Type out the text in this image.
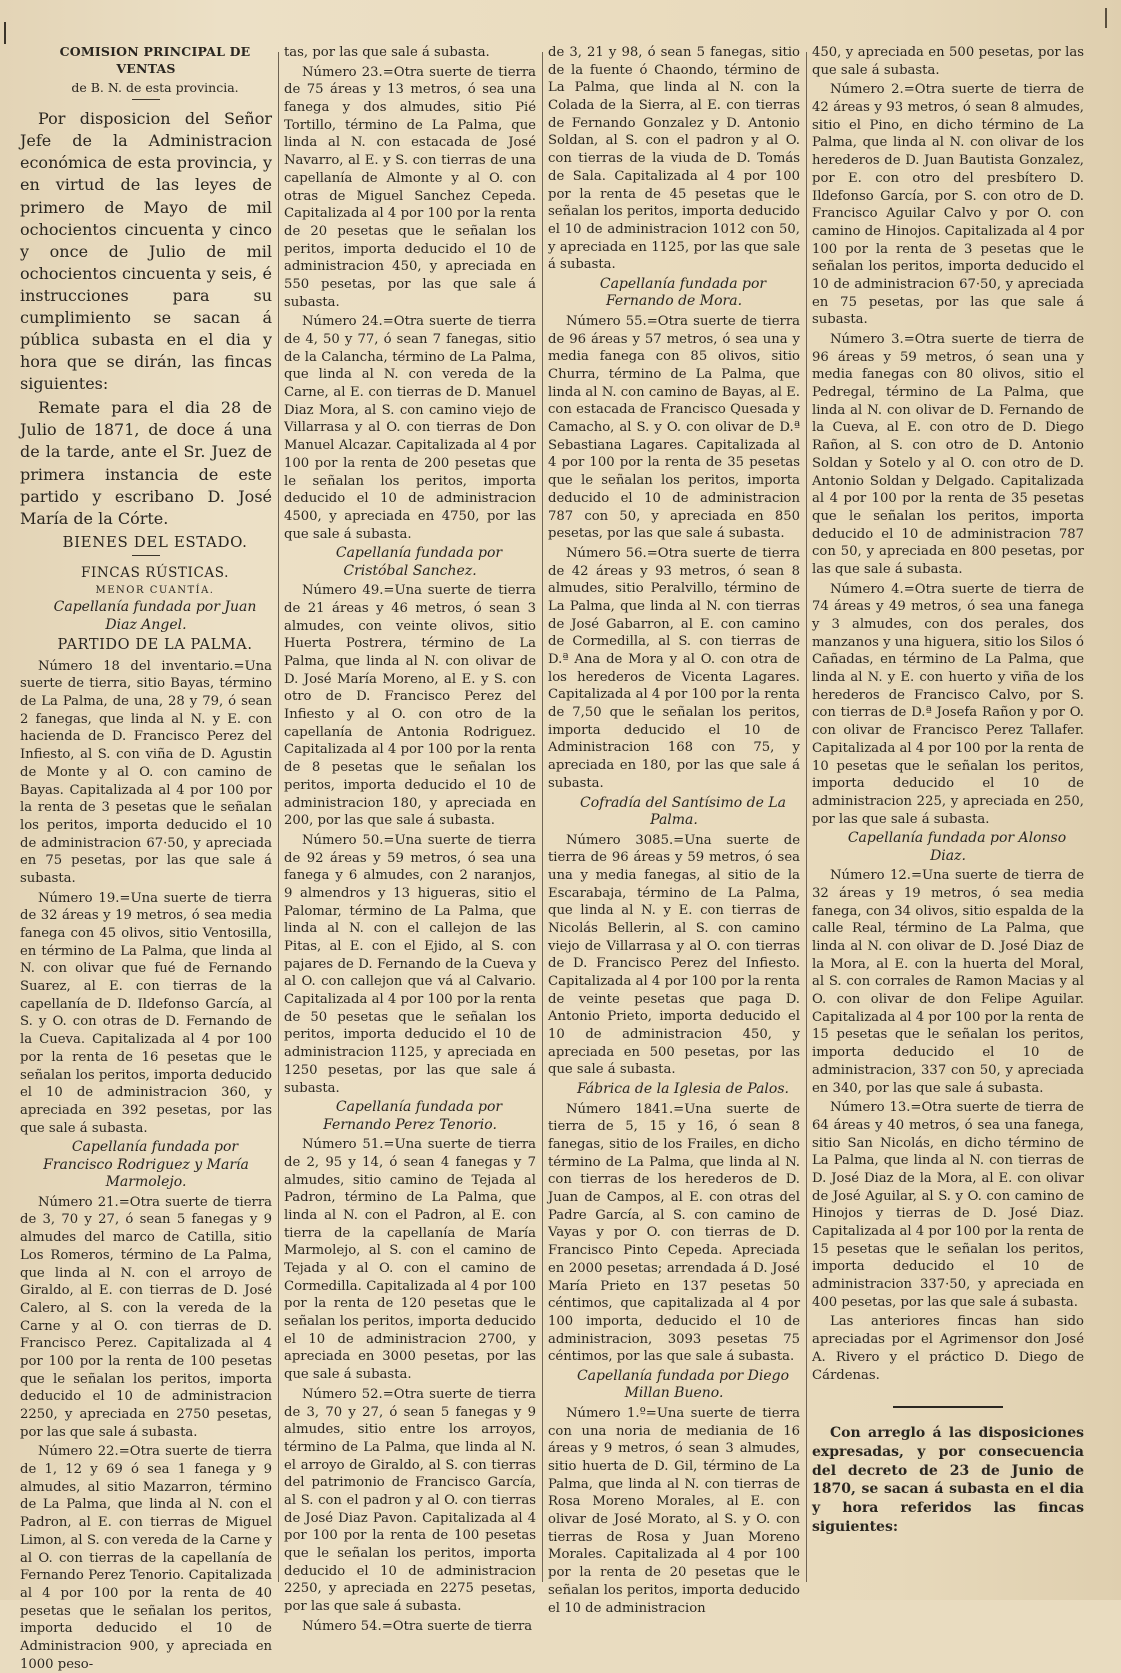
COMISION PRINCIPAL DE VENTAS

de B. N. de esta provincia.

Por disposicion del Señor Jefe de la Administracion económica de esta provincia, y en virtud de las leyes de primero de Mayo de mil ochocientos cincuenta y cinco y once de Julio de mil ochocientos cincuenta y seis, é instrucciones para su cumplimiento se sacan á pública subasta en el dia y hora que se dirán, las fincas siguientes:

Remate para el dia 28 de Julio de 1871, de doce á una de la tarde, ante el Sr. Juez de primera instancia de este partido y escribano D. José María de la Córte.

BIENES DEL ESTADO.

FINCAS RÚSTICAS.

MENOR CUANTÍA.

Capellanía fundada por Juan Diaz Angel.

PARTIDO DE LA PALMA.

Número 18 del inventario.=Una suerte de tierra, sitio Bayas, término de La Palma, de una, 28 y 79, ó sean 2 fanegas, que linda al N. y E. con hacienda de D. Francisco Perez del Infiesto, al S. con viña de D. Agustin de Monte y al O. con camino de Bayas. Capitalizada al 4 por 100 por la renta de 3 pesetas que le señalan los peritos, importa deducido el 10 de administracion 67·50, y apreciada en 75 pesetas, por las que sale á subasta.

Número 19.=Una suerte de tierra de 32 áreas y 19 metros, ó sea media fanega con 45 olivos, sitio Ventosilla, en término de La Palma, que linda al N. con olivar que fué de Fernando Suarez, al E. con tierras de la capellanía de D. Ildefonso García, al S. y O. con otras de D. Fernando de la Cueva. Capitalizada al 4 por 100 por la renta de 16 pesetas que le señalan los peritos, importa deducido el 10 de administracion 360, y apreciada en 392 pesetas, por las que sale á subasta.

Capellanía fundada por Francisco Rodriguez y María Marmolejo.

Número 21.=Otra suerte de tierra de 3, 70 y 27, ó sean 5 fanegas y 9 almudes del marco de Catilla, sitio Los Romeros, término de La Palma, que linda al N. con el arroyo de Giraldo, al E. con tierras de D. José Calero, al S. con la vereda de la Carne y al O. con tierras de D. Francisco Perez. Capitalizada al 4 por 100 por la renta de 100 pesetas que le señalan los peritos, importa deducido el 10 de administracion 2250, y apreciada en 2750 pesetas, por las que sale á subasta.

Número 22.=Otra suerte de tierra de 1, 12 y 69 ó sea 1 fanega y 9 almudes, al sitio Mazarron, término de La Palma, que linda al N. con el Padron, al E. con tierras de Miguel Limon, al S. con vereda de la Carne y al O. con tierras de la capellanía de Fernando Perez Tenorio. Capitalizada al 4 por 100 por la renta de 40 pesetas que le señalan los peritos, importa deducido el 10 de Administracion 900, y apreciada en 1000 peso-

tas, por las que sale á subasta.

Número 23.=Otra suerte de tierra de 75 áreas y 13 metros, ó sea una fanega y dos almudes, sitio Pié Tortillo, término de La Palma, que linda al N. con estacada de José Navarro, al E. y S. con tierras de una capellanía de Almonte y al O. con otras de Miguel Sanchez Cepeda. Capitalizada al 4 por 100 por la renta de 20 pesetas que le señalan los peritos, importa deducido el 10 de administracion 450, y apreciada en 550 pesetas, por las que sale á subasta.

Número 24.=Otra suerte de tierra de 4, 50 y 77, ó sean 7 fanegas, sitio de la Calancha, término de La Palma, que linda al N. con vereda de la Carne, al E. con tierras de D. Manuel Diaz Mora, al S. con camino viejo de Villarrasa y al O. con tierras de Don Manuel Alcazar. Capitalizada al 4 por 100 por la renta de 200 pesetas que le señalan los peritos, importa deducido el 10 de administracion 4500, y apreciada en 4750, por las que sale á subasta.

Capellanía fundada por Cristóbal Sanchez.

Número 49.=Una suerte de tierra de 21 áreas y 46 metros, ó sean 3 almudes, con veinte olivos, sitio Huerta Postrera, término de La Palma, que linda al N. con olivar de D. José María Moreno, al E. y S. con otro de D. Francisco Perez del Infiesto y al O. con otro de la capellanía de Antonia Rodriguez. Capitalizada al 4 por 100 por la renta de 8 pesetas que le señalan los peritos, importa deducido el 10 de administracion 180, y apreciada en 200, por las que sale á subasta.

Número 50.=Una suerte de tierra de 92 áreas y 59 metros, ó sea una fanega y 6 almudes, con 2 naranjos, 9 almendros y 13 higueras, sitio el Palomar, término de La Palma, que linda al N. con el callejon de las Pitas, al E. con el Ejido, al S. con pajares de D. Fernando de la Cueva y al O. con callejon que vá al Calvario. Capitalizada al 4 por 100 por la renta de 50 pesetas que le señalan los peritos, importa deducido el 10 de administracion 1125, y apreciada en 1250 pesetas, por las que sale á subasta.

Capellanía fundada por Fernando Perez Tenorio.

Número 51.=Una suerte de tierra de 2, 95 y 14, ó sean 4 fanegas y 7 almudes, sitio camino de Tejada al Padron, término de La Palma, que linda al N. con el Padron, al E. con tierra de la capellanía de María Marmolejo, al S. con el camino de Tejada y al O. con el camino de Cormedilla. Capitalizada al 4 por 100 por la renta de 120 pesetas que le señalan los peritos, importa deducido el 10 de administracion 2700, y apreciada en 3000 pesetas, por las que sale á subasta.

Número 52.=Otra suerte de tierra de 3, 70 y 27, ó sean 5 fanegas y 9 almudes, sitio entre los arroyos, término de La Palma, que linda al N. el arroyo de Giraldo, al S. con tierras del patrimonio de Francisco García, al S. con el padron y al O. con tierras de José Diaz Pavon. Capitalizada al 4 por 100 por la renta de 100 pesetas que le señalan los peritos, importa deducido el 10 de administracion 2250, y apreciada en 2275 pesetas, por las que sale á subasta.

Número 54.=Otra suerte de tierra

de 3, 21 y 98, ó sean 5 fanegas, sitio de la fuente ó Chaondo, término de La Palma, que linda al N. con la Colada de la Sierra, al E. con tierras de Fernando Gonzalez y D. Antonio Soldan, al S. con el padron y al O. con tierras de la viuda de D. Tomás de Sala. Capitalizada al 4 por 100 por la renta de 45 pesetas que le señalan los peritos, importa deducido el 10 de administracion 1012 con 50, y apreciada en 1125, por las que sale á subasta.

Capellanía fundada por Fernando de Mora.

Número 55.=Otra suerte de tierra de 96 áreas y 57 metros, ó sea una y media fanega con 85 olivos, sitio Churra, término de La Palma, que linda al N. con camino de Bayas, al E. con estacada de Francisco Quesada y Camacho, al S. y O. con olivar de D.ª Sebastiana Lagares. Capitalizada al 4 por 100 por la renta de 35 pesetas que le señalan los peritos, importa deducido el 10 de administracion 787 con 50, y apreciada en 850 pesetas, por las que sale á subasta.

Número 56.=Otra suerte de tierra de 42 áreas y 93 metros, ó sean 8 almudes, sitio Peralvillo, término de La Palma, que linda al N. con tierras de José Gabarron, al E. con camino de Cormedilla, al S. con tierras de D.ª Ana de Mora y al O. con otra de los herederos de Vicenta Lagares. Capitalizada al 4 por 100 por la renta de 7,50 que le señalan los peritos, importa deducido el 10 de Administracion 168 con 75, y apreciada en 180, por las que sale á subasta.

Cofradía del Santísimo de La Palma.

Número 3085.=Una suerte de tierra de 96 áreas y 59 metros, ó sea una y media fanegas, al sitio de la Escarabaja, término de La Palma, que linda al N. y E. con tierras de Nicolás Bellerin, al S. con camino viejo de Villarrasa y al O. con tierras de D. Francisco Perez del Infiesto. Capitalizada al 4 por 100 por la renta de veinte pesetas que paga D. Antonio Prieto, importa deducido el 10 de administracion 450, y apreciada en 500 pesetas, por las que sale á subasta.

Fábrica de la Iglesia de Palos.

Número 1841.=Una suerte de tierra de 5, 15 y 16, ó sean 8 fanegas, sitio de los Frailes, en dicho término de La Palma, que linda al N. con tierras de los herederos de D. Juan de Campos, al E. con otras del Padre García, al S. con camino de Vayas y por O. con tierras de D. Francisco Pinto Cepeda. Apreciada en 2000 pesetas; arrendada á D. José María Prieto en 137 pesetas 50 céntimos, que capitalizada al 4 por 100 importa, deducido el 10 de administracion, 3093 pesetas 75 céntimos, por las que sale á subasta.

Capellanía fundada por Diego Millan Bueno.

Número 1.º=Una suerte de tierra con una noria de mediania de 16 áreas y 9 metros, ó sean 3 almudes, sitio huerta de D. Gil, término de La Palma, que linda al N. con tierras de Rosa Moreno Morales, al E. con olivar de José Morato, al S. y O. con tierras de Rosa y Juan Moreno Morales. Capitalizada al 4 por 100 por la renta de 20 pesetas que le señalan los peritos, importa deducido el 10 de administracion

450, y apreciada en 500 pesetas, por las que sale á subasta.

Número 2.=Otra suerte de tierra de 42 áreas y 93 metros, ó sean 8 almudes, sitio el Pino, en dicho término de La Palma, que linda al N. con olivar de los herederos de D. Juan Bautista Gonzalez, por E. con otro del presbítero D. Ildefonso García, por S. con otro de D. Francisco Aguilar Calvo y por O. con camino de Hinojos. Capitalizada al 4 por 100 por la renta de 3 pesetas que le señalan los peritos, importa deducido el 10 de administracion 67·50, y apreciada en 75 pesetas, por las que sale á subasta.

Número 3.=Otra suerte de tierra de 96 áreas y 59 metros, ó sean una y media fanegas con 80 olivos, sitio el Pedregal, término de La Palma, que linda al N. con olivar de D. Fernando de la Cueva, al E. con otro de D. Diego Rañon, al S. con otro de D. Antonio Soldan y Sotelo y al O. con otro de D. Antonio Soldan y Delgado. Capitalizada al 4 por 100 por la renta de 35 pesetas que le señalan los peritos, importa deducido el 10 de administracion 787 con 50, y apreciada en 800 pesetas, por las que sale á subasta.

Número 4.=Otra suerte de tierra de 74 áreas y 49 metros, ó sea una fanega y 3 almudes, con dos perales, dos manzanos y una higuera, sitio los Silos ó Cañadas, en término de La Palma, que linda al N. y E. con huerto y viña de los herederos de Francisco Calvo, por S. con tierras de D.ª Josefa Rañon y por O. con olivar de Francisco Perez Tallafer. Capitalizada al 4 por 100 por la renta de 10 pesetas que le señalan los peritos, importa deducido el 10 de administracion 225, y apreciada en 250, por las que sale á subasta.

Capellanía fundada por Alonso Diaz.

Número 12.=Una suerte de tierra de 32 áreas y 19 metros, ó sea media fanega, con 34 olivos, sitio espalda de la calle Real, término de La Palma, que linda al N. con olivar de D. José Diaz de la Mora, al E. con la huerta del Moral, al S. con corrales de Ramon Macias y al O. con olivar de don Felipe Aguilar. Capitalizada al 4 por 100 por la renta de 15 pesetas que le señalan los peritos, importa deducido el 10 de administracion, 337 con 50, y apreciada en 340, por las que sale á subasta.

Número 13.=Otra suerte de tierra de 64 áreas y 40 metros, ó sea una fanega, sitio San Nicolás, en dicho término de La Palma, que linda al N. con tierras de D. José Diaz de la Mora, al E. con olivar de José Aguilar, al S. y O. con camino de Hinojos y tierras de D. José Diaz. Capitalizada al 4 por 100 por la renta de 15 pesetas que le señalan los peritos, importa deducido el 10 de administracion 337·50, y apreciada en 400 pesetas, por las que sale á subasta.

Las anteriores fincas han sido apreciadas por el Agrimensor don José A. Rivero y el práctico D. Diego de Cárdenas.

Con arreglo á las disposiciones expresadas, y por consecuencia del decreto de 23 de Junio de 1870, se sacan á subasta en el dia y hora referidos las fincas siguientes:
